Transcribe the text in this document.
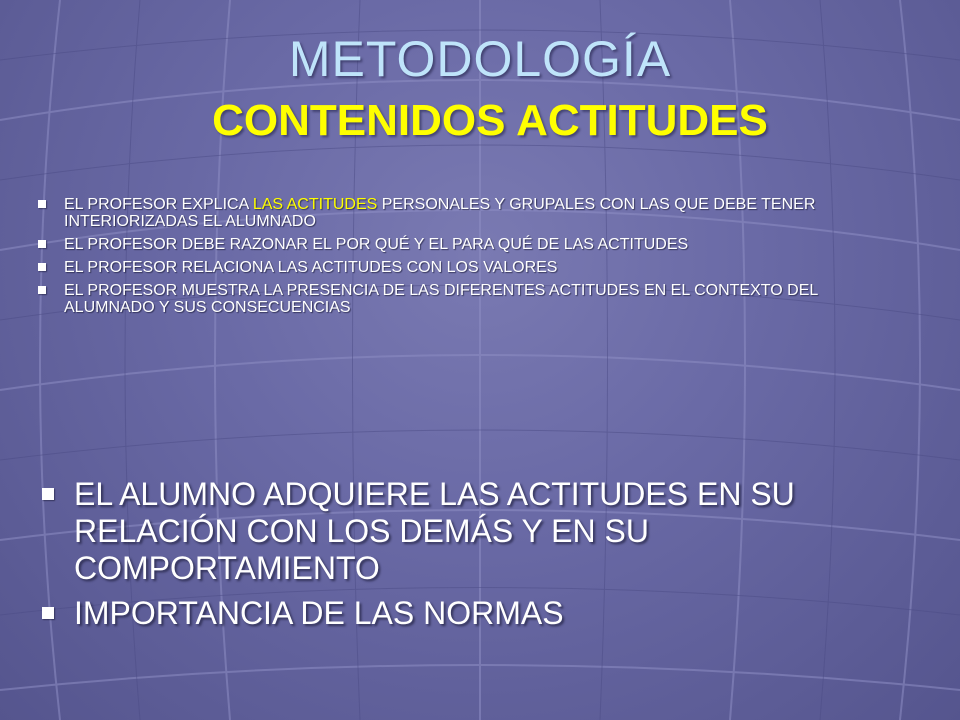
METODOLOGÍA
CONTENIDOS ACTITUDES
EL PROFESOR EXPLICA LAS ACTITUDES PERSONALES Y GRUPALES CON LAS QUE DEBE TENER INTERIORIZADAS EL ALUMNADO
EL PROFESOR DEBE RAZONAR EL POR QUÉ Y EL PARA QUÉ DE LAS ACTITUDES
EL PROFESOR RELACIONA LAS ACTITUDES CON LOS VALORES
EL PROFESOR MUESTRA LA PRESENCIA DE LAS DIFERENTES ACTITUDES EN EL CONTEXTO DEL ALUMNADO Y SUS CONSECUENCIAS
EL ALUMNO ADQUIERE LAS ACTITUDES EN SU RELACIÓN CON LOS DEMÁS Y EN SU COMPORTAMIENTO
IMPORTANCIA DE LAS NORMAS
